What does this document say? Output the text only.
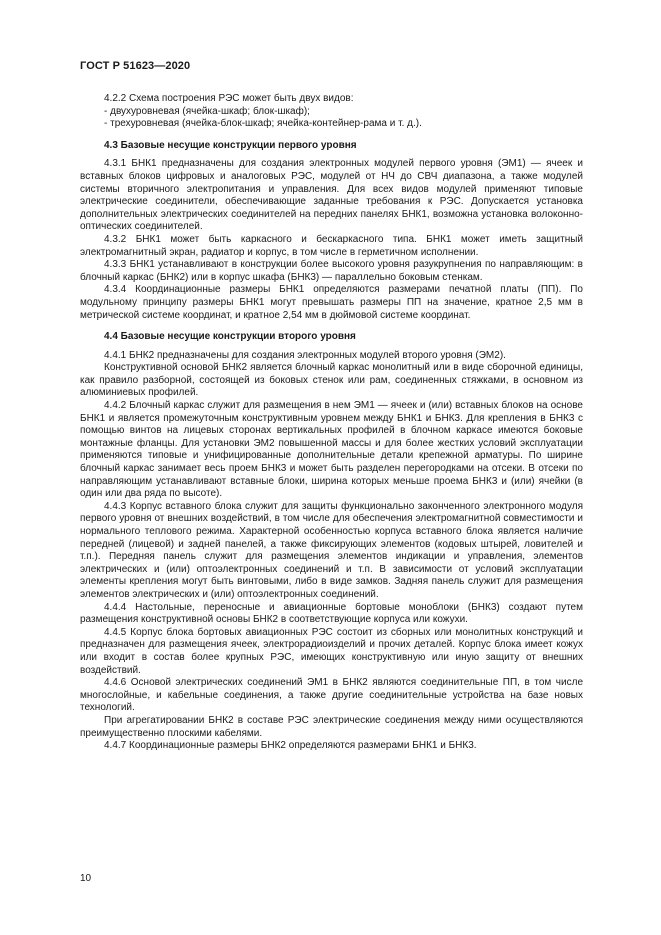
ГОСТ Р 51623—2020

4.2.2 Схема построения РЭС может быть двух видов:

- двухуровневая (ячейка-шкаф; блок-шкаф);

- трехуровневая (ячейка-блок-шкаф; ячейка-контейнер-рама и т. д.).

4.3 Базовые несущие конструкции первого уровня

4.3.1 БНК1 предназначены для создания электронных модулей первого уровня (ЭМ1) — ячеек и вставных блоков цифровых и аналоговых РЭС, модулей от НЧ до СВЧ диапазона, а также модулей системы вторичного электропитания и управления. Для всех видов модулей применяют типовые электрические соединители, обеспечивающие заданные требования к РЭС. Допускается установка дополнительных электрических соединителей на передних панелях БНК1, возможна установка волоконно-оптических соединителей.

4.3.2 БНК1 может быть каркасного и бескаркасного типа. БНК1 может иметь защитный электромагнитный экран, радиатор и корпус, в том числе в герметичном исполнении.

4.3.3 БНК1 устанавливают в конструкции более высокого уровня разукрупнения по направляющим: в блочный каркас (БНК2) или в корпус шкафа (БНК3) — параллельно боковым стенкам.

4.3.4 Координационные размеры БНК1 определяются размерами печатной платы (ПП). По модульному принципу размеры БНК1 могут превышать размеры ПП на значение, кратное 2,5 мм в метрической системе координат, и кратное 2,54 мм в дюймовой системе координат.

4.4 Базовые несущие конструкции второго уровня

4.4.1 БНК2 предназначены для создания электронных модулей второго уровня (ЭМ2).

Конструктивной основой БНК2 является блочный каркас монолитный или в виде сборочной единицы, как правило разборной, состоящей из боковых стенок или рам, соединенных стяжками, в основном из алюминиевых профилей.

4.4.2 Блочный каркас служит для размещения в нем ЭМ1 — ячеек и (или) вставных блоков на основе БНК1 и является промежуточным конструктивным уровнем между БНК1 и БНК3. Для крепления в БНК3 с помощью винтов на лицевых сторонах вертикальных профилей в блочном каркасе имеются боковые монтажные фланцы. Для установки ЭМ2 повышенной массы и для более жестких условий эксплуатации применяются типовые и унифицированные дополнительные детали крепежной арматуры. По ширине блочный каркас занимает весь проем БНК3 и может быть разделен перегородками на отсеки. В отсеки по направляющим устанавливают вставные блоки, ширина которых меньше проема БНК3 и (или) ячейки (в один или два ряда по высоте).

4.4.3 Корпус вставного блока служит для защиты функционально законченного электронного модуля первого уровня от внешних воздействий, в том числе для обеспечения электромагнитной совместимости и нормального теплового режима. Характерной особенностью корпуса вставного блока является наличие передней (лицевой) и задней панелей, а также фиксирующих элементов (кодовых штырей, ловителей и т.п.). Передняя панель служит для размещения элементов индикации и управления, элементов электрических и (или) оптоэлектронных соединений и т.п. В зависимости от условий эксплуатации элементы крепления могут быть винтовыми, либо в виде замков. Задняя панель служит для размещения элементов электрических и (или) оптоэлектронных соединений.

4.4.4 Настольные, переносные и авиационные бортовые моноблоки (БНК3) создают путем размещения конструктивной основы БНК2 в соответствующие корпуса или кожухи.

4.4.5 Корпус блока бортовых авиационных РЭС состоит из сборных или монолитных конструкций и предназначен для размещения ячеек, электрорадиоизделий и прочих деталей. Корпус блока имеет кожух или входит в состав более крупных РЭС, имеющих конструктивную или иную защиту от внешних воздействий.

4.4.6 Основой электрических соединений ЭМ1 в БНК2 являются соединительные ПП, в том числе многослойные, и кабельные соединения, а также другие соединительные устройства на базе новых технологий.

При агрегатировании БНК2 в составе РЭС электрические соединения между ними осуществляются преимущественно плоскими кабелями.

4.4.7 Координационные размеры БНК2 определяются размерами БНК1 и БНК3.

10
